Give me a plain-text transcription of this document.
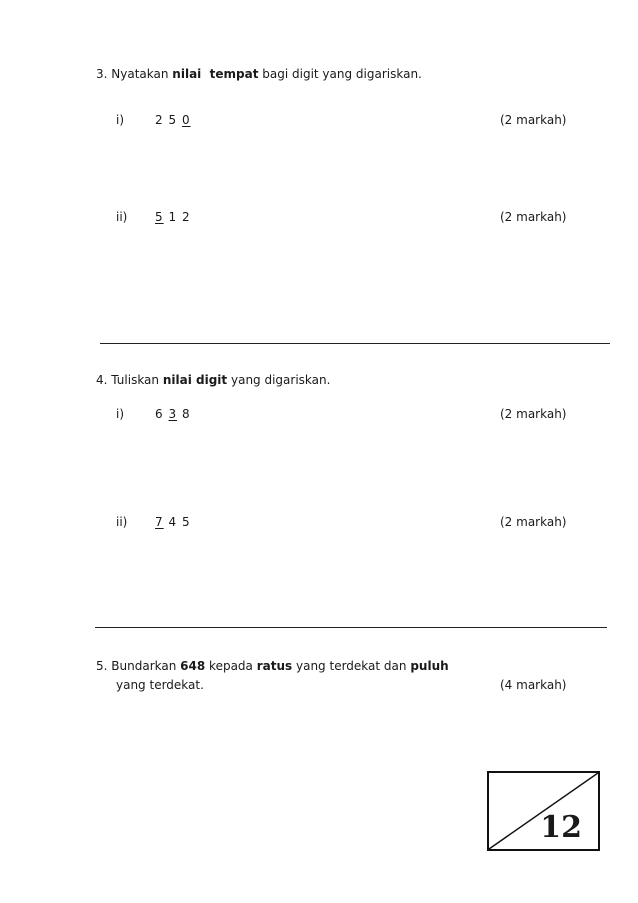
3. Nyatakan nilai  tempat bagi digit yang digariskan.
i)	2 5 0	(2 markah)
ii) 5 1 2	(2 markah)
4. Tuliskan nilai digit yang digariskan.
i)	6 3 8	(2 markah)
ii) 7 4 5	(2 markah)
5. Bundarkan 648 kepada ratus yang terdekat dan puluh
yang terdekat.	(4 markah)
12
